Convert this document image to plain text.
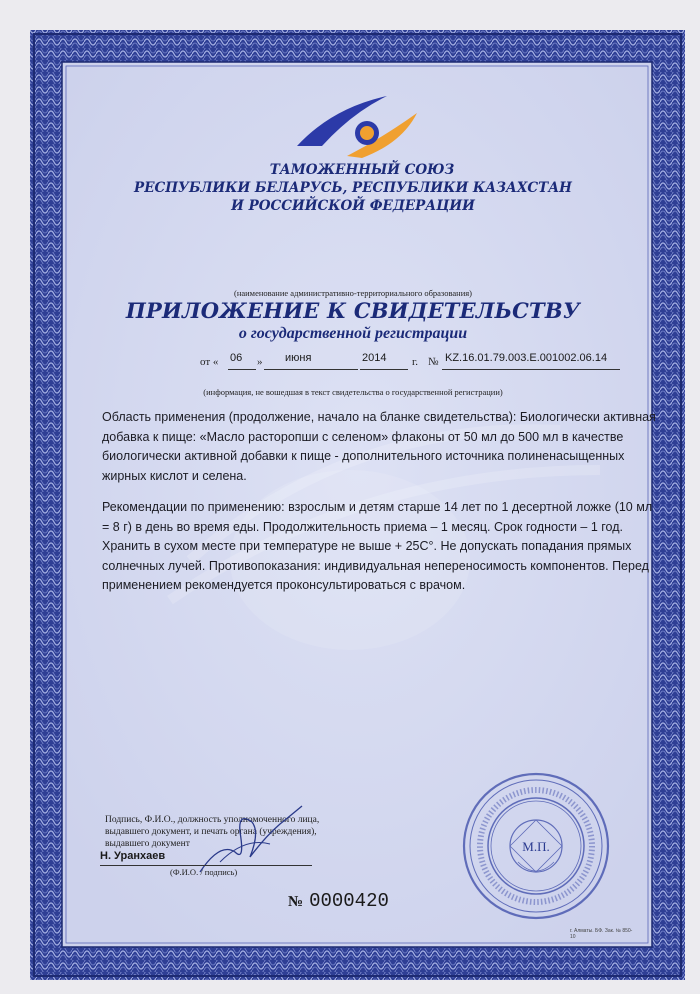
ТАМОЖЕННЫЙ СОЮЗ
РЕСПУБЛИКИ БЕЛАРУСЬ, РЕСПУБЛИКИ КАЗАХСТАН
И РОССИЙСКОЙ ФЕДЕРАЦИИ
(наименование административно-территориального образования)
ПРИЛОЖЕНИЕ К СВИДЕТЕЛЬСТВУ
о государственной регистрации
от « 06 » июня	2014 г. № KZ.16.01.79.003.E.001002.06.14
(информация, не вошедшая в текст свидетельства о государственной регистрации)

Область применения (продолжение, начало на бланке свидетельства): Биологически активная добавка к пище: «Масло расторопши с селеном» флаконы от 50 мл до 500 мл в качестве биологически активной добавки к пище - дополнительного источника полиненасыщенных жирных кислот и селена.

Рекомендации по применению: взрослым и детям старше 14 лет по 1 десертной ложке (10 мл = 8 г) в день во время еды. Продолжительность приема – 1 месяц. Срок годности – 1 год. Хранить в сухом месте при температуре не выше + 25С°. Не допускать попадания прямых солнечных лучей. Противопоказания: индивидуальная непереносимость компонентов. Перед применением рекомендуется проконсультироваться с врачом.

Подпись, Ф.И.О., должность уполномоченного лица,
выдавшего документ, и печать органа (учреждения),
выдавшего документ
Н. Уранхаев
(Ф.И.О. / подпись)
№ 0000420
М.П.
г. Алматы. БФ. Зак. № 850-10
